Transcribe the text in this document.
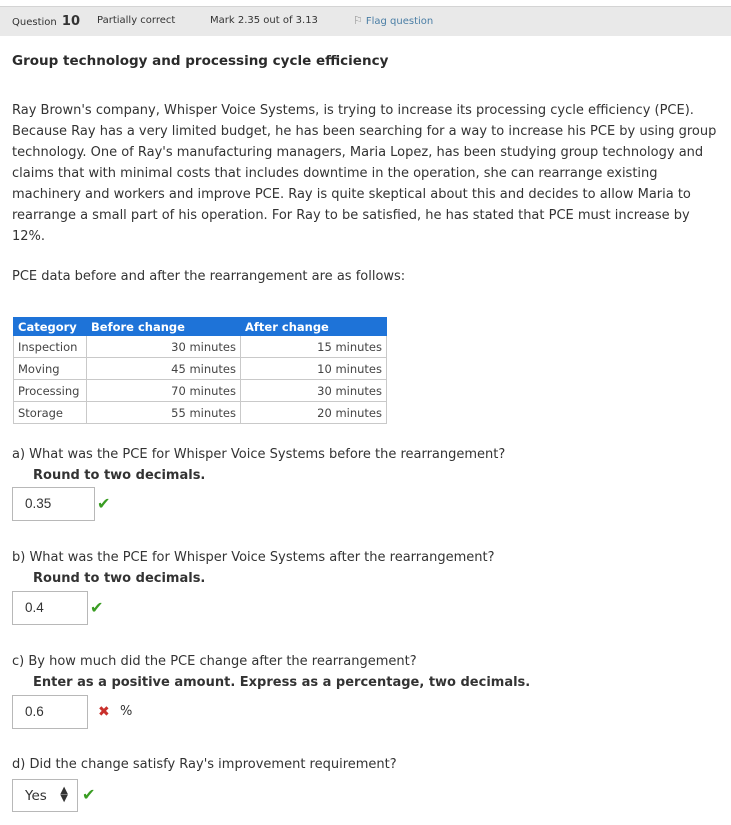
Question 10 Partially correct	Mark 2.35 out of 3.13	⚐ Flag question
Group technology and processing cycle efficiency
Ray Brown's company, Whisper Voice Systems, is trying to increase its processing cycle efficiency (PCE). Because Ray has a very limited budget, he has been searching for a way to increase his PCE by using group technology. One of Ray's manufacturing managers, Maria Lopez, has been studying group technology and claims that with minimal costs that includes downtime in the operation, she can rearrange existing machinery and workers and improve PCE. Ray is quite skeptical about this and decides to allow Maria to rearrange a small part of his operation. For Ray to be satisfied, he has stated that PCE must increase by 12%.
PCE data before and after the rearrangement are as follows:
Category	Before change	After change
Inspection	30 minutes	15 minutes
Moving	45 minutes	10 minutes
Processing	70 minutes	30 minutes
Storage	55 minutes	20 minutes
a) What was the PCE for Whisper Voice Systems before the rearrangement?
Round to two decimals.
0.35	✔
b) What was the PCE for Whisper Voice Systems after the rearrangement?
Round to two decimals.
0.4	✔
c) By how much did the PCE change after the rearrangement?
Enter as a positive amount. Express as a percentage, two decimals.
0.6	✖ %
d) Did the change satisfy Ray's improvement requirement?
Yes ▲
▼ ✔
